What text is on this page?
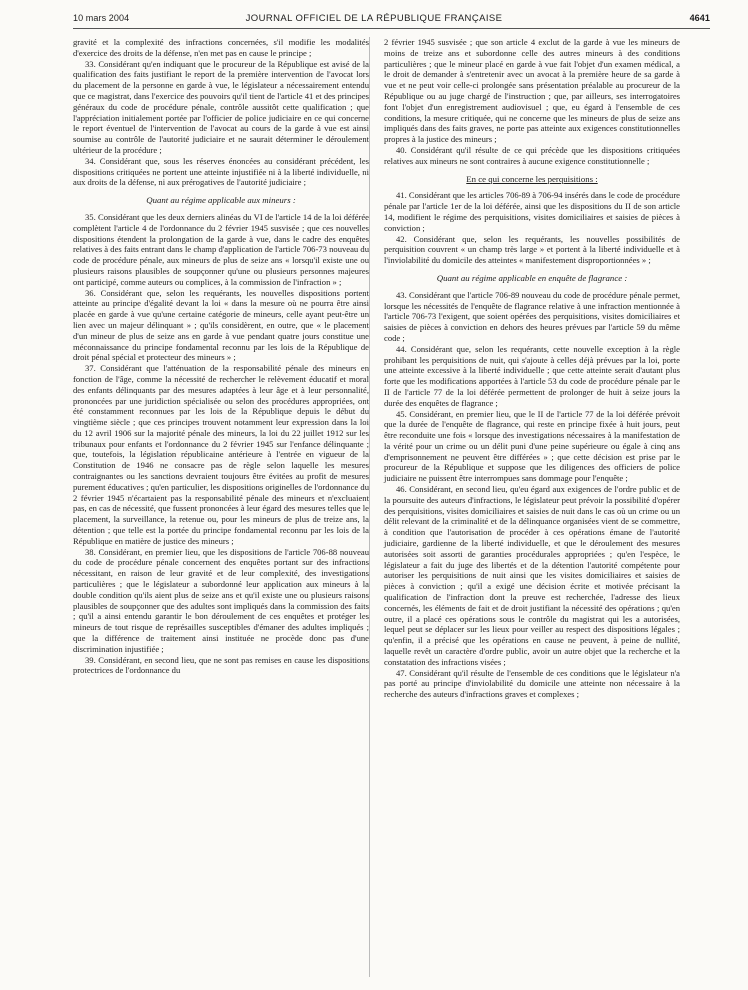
10 mars 2004	JOURNAL OFFICIEL DE LA RÉPUBLIQUE FRANÇAISE	4641

gravité et la complexité des infractions concernées, s'il modifie les modalités d'exercice des droits de la défense, n'en met pas en cause le principe ;

33. Considérant qu'en indiquant que le procureur de la République est avisé de la qualification des faits justifiant le report de la première intervention de l'avocat lors du placement de la personne en garde à vue, le législateur a nécessairement entendu que ce magistrat, dans l'exercice des pouvoirs qu'il tient de l'article 41 et des principes généraux du code de procédure pénale, contrôle aussitôt cette qualification ; que l'appréciation initialement portée par l'officier de police judiciaire en ce qui concerne le report éventuel de l'intervention de l'avocat au cours de la garde à vue est ainsi soumise au contrôle de l'autorité judiciaire et ne saurait déterminer le déroulement ultérieur de la procédure ;

34. Considérant que, sous les réserves énoncées au considérant précédent, les dispositions critiquées ne portent une atteinte injustifiée ni à la liberté individuelle, ni aux droits de la défense, ni aux prérogatives de l'autorité judiciaire ;

Quant au régime applicable aux mineurs :

35. Considérant que les deux derniers alinéas du VI de l'article 14 de la loi déférée complètent l'article 4 de l'ordonnance du 2 février 1945 susvisée ; que ces nouvelles dispositions étendent la prolongation de la garde à vue, dans le cadre des enquêtes relatives à des faits entrant dans le champ d'application de l'article 706-73 nouveau du code de procédure pénale, aux mineurs de plus de seize ans « lorsqu'il existe une ou plusieurs raisons plausibles de soupçonner qu'une ou plusieurs personnes majeures ont participé, comme auteurs ou complices, à la commission de l'infraction » ;

36. Considérant que, selon les requérants, les nouvelles dispositions portent atteinte au principe d'égalité devant la loi « dans la mesure où ne pourra être ainsi placée en garde à vue qu'une certaine catégorie de mineurs, celle ayant peut-être un lien avec un majeur délinquant » ; qu'ils considèrent, en outre, que « le placement d'un mineur de plus de seize ans en garde à vue pendant quatre jours constitue une méconnaissance du principe fondamental reconnu par les lois de la République de droit pénal spécial et protecteur des mineurs » ;

37. Considérant que l'atténuation de la responsabilité pénale des mineurs en fonction de l'âge, comme la nécessité de rechercher le relèvement éducatif et moral des enfants délinquants par des mesures adaptées à leur âge et à leur personnalité, prononcées par une juridiction spécialisée ou selon des procédures appropriées, ont été constamment reconnues par les lois de la République depuis le début du vingtième siècle ; que ces principes trouvent notamment leur expression dans la loi du 12 avril 1906 sur la majorité pénale des mineurs, la loi du 22 juillet 1912 sur les tribunaux pour enfants et l'ordonnance du 2 février 1945 sur l'enfance délinquante ; que, toutefois, la législation républicaine antérieure à l'entrée en vigueur de la Constitution de 1946 ne consacre pas de règle selon laquelle les mesures contraignantes ou les sanctions devraient toujours être évitées au profit de mesures purement éducatives ; qu'en particulier, les dispositions originelles de l'ordonnance du 2 février 1945 n'écartaient pas la responsabilité pénale des mineurs et n'excluaient pas, en cas de nécessité, que fussent prononcées à leur égard des mesures telles que le placement, la surveillance, la retenue ou, pour les mineurs de plus de treize ans, la détention ; que telle est la portée du principe fondamental reconnu par les lois de la République en matière de justice des mineurs ;

38. Considérant, en premier lieu, que les dispositions de l'article 706-88 nouveau du code de procédure pénale concernent des enquêtes portant sur des infractions nécessitant, en raison de leur gravité et de leur complexité, des investigations particulières ; que le législateur a subordonné leur application aux mineurs à la double condition qu'ils aient plus de seize ans et qu'il existe une ou plusieurs raisons plausibles de soupçonner que des adultes sont impliqués dans la commission des faits ; qu'il a ainsi entendu garantir le bon déroulement de ces enquêtes et protéger les mineurs de tout risque de représailles susceptibles d'émaner des adultes impliqués ; que la différence de traitement ainsi instituée ne procède donc pas d'une discrimination injustifiée ;

39. Considérant, en second lieu, que ne sont pas remises en cause les dispositions protectrices de l'ordonnance du

2 février 1945 susvisée ; que son article 4 exclut de la garde à vue les mineurs de moins de treize ans et subordonne celle des autres mineurs à des conditions particulières ; que le mineur placé en garde à vue fait l'objet d'un examen médical, a le droit de demander à s'entretenir avec un avocat à la première heure de sa garde à vue et ne peut voir celle-ci prolongée sans présentation préalable au procureur de la République ou au juge chargé de l'instruction ; que, par ailleurs, ses interrogatoires font l'objet d'un enregistrement audiovisuel ; que, eu égard à l'ensemble de ces conditions, la mesure critiquée, qui ne concerne que les mineurs de plus de seize ans impliqués dans des faits graves, ne porte pas atteinte aux exigences constitutionnelles propres à la justice des mineurs ;

40. Considérant qu'il résulte de ce qui précède que les dispositions critiquées relatives aux mineurs ne sont contraires à aucune exigence constitutionnelle ;

En ce qui concerne les perquisitions :

41. Considérant que les articles 706-89 à 706-94 insérés dans le code de procédure pénale par l'article 1er de la loi déférée, ainsi que les dispositions du II de son article 14, modifient le régime des perquisitions, visites domiciliaires et saisies de pièces à conviction ;

42. Considérant que, selon les requérants, les nouvelles possibilités de perquisition couvrent « un champ très large » et portent à la liberté individuelle et à l'inviolabilité du domicile des atteintes « manifestement disproportionnées » ;

Quant au régime applicable en enquête de flagrance :

43. Considérant que l'article 706-89 nouveau du code de procédure pénale permet, lorsque les nécessités de l'enquête de flagrance relative à une infraction mentionnée à l'article 706-73 l'exigent, que soient opérées des perquisitions, visites domiciliaires et saisies de pièces à conviction en dehors des heures prévues par l'article 59 du même code ;

44. Considérant que, selon les requérants, cette nouvelle exception à la règle prohibant les perquisitions de nuit, qui s'ajoute à celles déjà prévues par la loi, porte une atteinte excessive à la liberté individuelle ; que cette atteinte serait d'autant plus forte que les modifications apportées à l'article 53 du code de procédure pénale par le II de l'article 77 de la loi déférée permettent de prolonger de huit à seize jours la durée des enquêtes de flagrance ;

45. Considérant, en premier lieu, que le II de l'article 77 de la loi déférée prévoit que la durée de l'enquête de flagrance, qui reste en principe fixée à huit jours, peut être reconduite une fois « lorsque des investigations nécessaires à la manifestation de la vérité pour un crime ou un délit puni d'une peine supérieure ou égale à cinq ans d'emprisonnement ne peuvent être différées » ; que cette décision est prise par le procureur de la République et suppose que les diligences des officiers de police judiciaire ne puissent être interrompues sans dommage pour l'enquête ;

46. Considérant, en second lieu, qu'eu égard aux exigences de l'ordre public et de la poursuite des auteurs d'infractions, le législateur peut prévoir la possibilité d'opérer des perquisitions, visites domiciliaires et saisies de nuit dans le cas où un crime ou un délit relevant de la criminalité et de la délinquance organisées vient de se commettre, à condition que l'autorisation de procéder à ces opérations émane de l'autorité judiciaire, gardienne de la liberté individuelle, et que le déroulement des mesures autorisées soit assorti de garanties procédurales appropriées ; qu'en l'espèce, le législateur a fait du juge des libertés et de la détention l'autorité compétente pour autoriser les perquisitions de nuit ainsi que les visites domiciliaires et saisies de pièces à conviction ; qu'il a exigé une décision écrite et motivée précisant la qualification de l'infraction dont la preuve est recherchée, l'adresse des lieux concernés, les éléments de fait et de droit justifiant la nécessité des opérations ; qu'en outre, il a placé ces opérations sous le contrôle du magistrat qui les a autorisées, lequel peut se déplacer sur les lieux pour veiller au respect des dispositions légales ; qu'enfin, il a précisé que les opérations en cause ne peuvent, à peine de nullité, laquelle revêt un caractère d'ordre public, avoir un autre objet que la recherche et la constatation des infractions visées ;

47. Considérant qu'il résulte de l'ensemble de ces conditions que le législateur n'a pas porté au principe d'inviolabilité du domicile une atteinte non nécessaire à la recherche des auteurs d'infractions graves et complexes ;
